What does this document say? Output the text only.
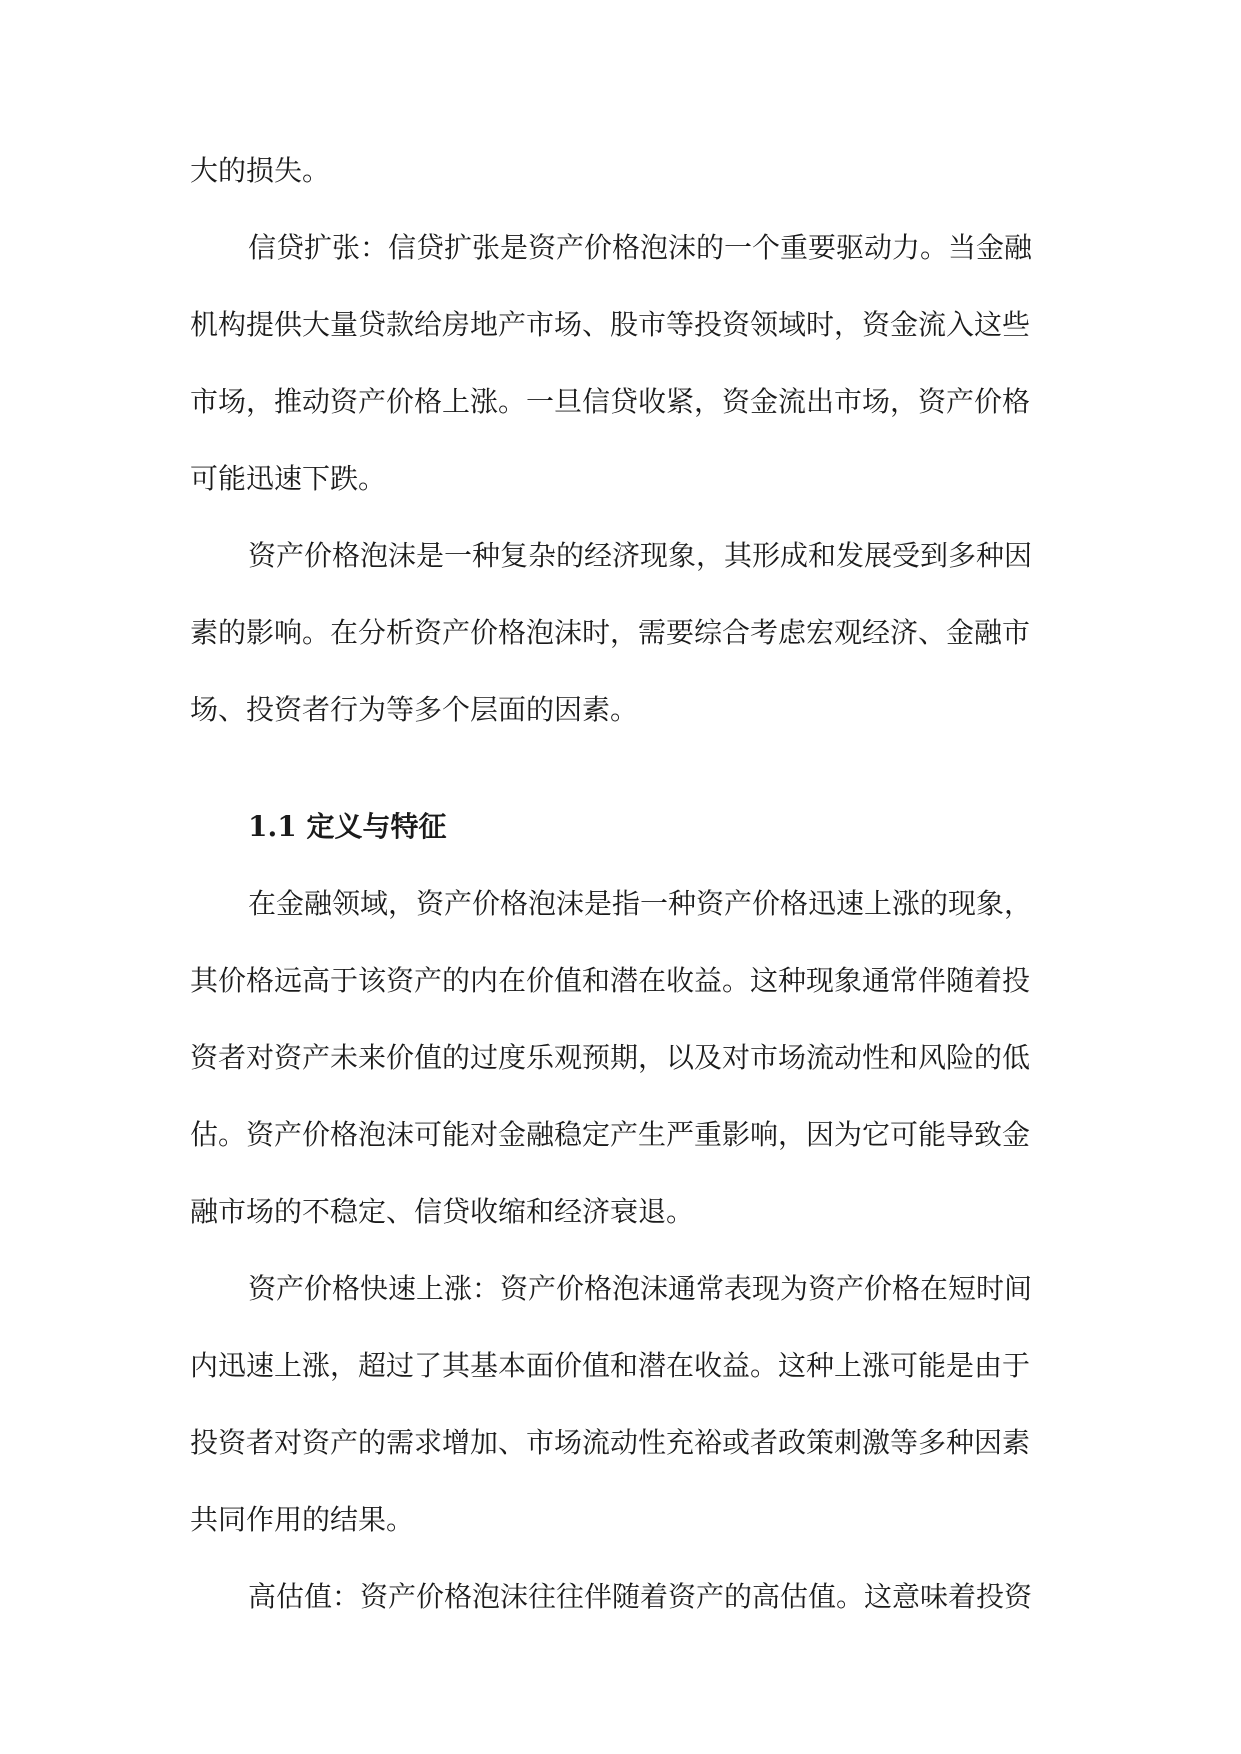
大的损失。
信贷扩张：信贷扩张是资产价格泡沫的一个重要驱动力。当金融
机构提供大量贷款给房地产市场、股市等投资领域时，资金流入这些
市场，推动资产价格上涨。一旦信贷收紧，资金流出市场，资产价格
可能迅速下跌。
资产价格泡沫是一种复杂的经济现象，其形成和发展受到多种因
素的影响。在分析资产价格泡沫时，需要综合考虑宏观经济、金融市
场、投资者行为等多个层面的因素。
1.1 定义与特征
在金融领域，资产价格泡沫是指一种资产价格迅速上涨的现象，
其价格远高于该资产的内在价值和潜在收益。这种现象通常伴随着投
资者对资产未来价值的过度乐观预期，以及对市场流动性和风险的低
估。资产价格泡沫可能对金融稳定产生严重影响，因为它可能导致金
融市场的不稳定、信贷收缩和经济衰退。
资产价格快速上涨：资产价格泡沫通常表现为资产价格在短时间
内迅速上涨，超过了其基本面价值和潜在收益。这种上涨可能是由于
投资者对资产的需求增加、市场流动性充裕或者政策刺激等多种因素
共同作用的结果。
高估值：资产价格泡沫往往伴随着资产的高估值。这意味着投资
